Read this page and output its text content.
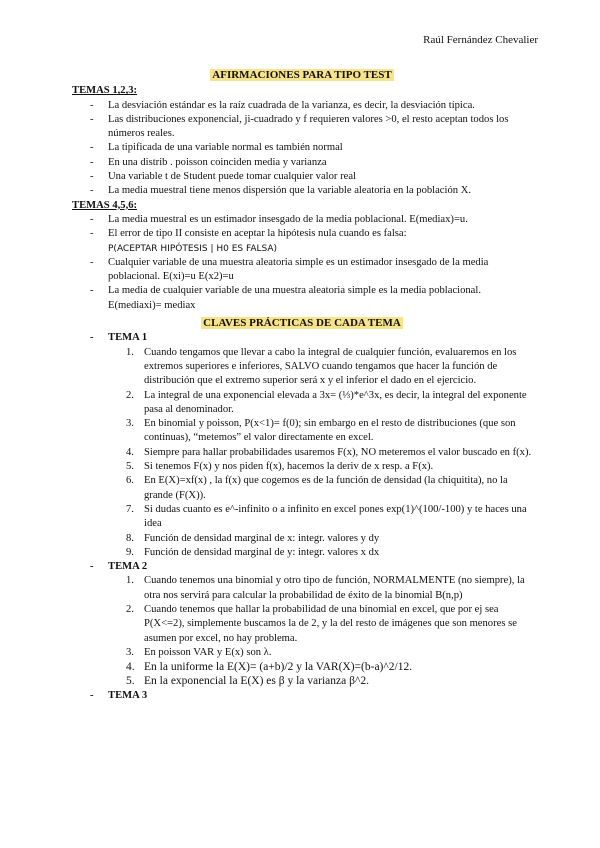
Raúl Fernández Chevalier

AFIRMACIONES PARA TIPO TEST

TEMAS 1,2,3:

- La desviación estándar es la raíz cuadrada de la varianza, es decir, la desviación típica.
- Las distribuciones exponencial, ji-cuadrado y f requieren valores >0, el resto aceptan todos los números reales.
- La tipificada de una variable normal es también normal
- En una distrib . poisson coinciden media y varianza
- Una variable t de Student puede tomar cualquier valor real
- La media muestral tiene menos dispersión que la variable aleatoria en la población X.

TEMAS 4,5,6:

- La media muestral es un estimador insesgado de la media poblacional. E(mediax)=u.
- El error de tipo II consiste en aceptar la hipótesis nula cuando es falsa:
P(ACEPTAR HIPÓTESIS | H0 ES FALSA)
- Cualquier variable de una muestra aleatoria simple es un estimador insesgado de la media poblacional. E(xi)=u E(x2)=u
- La media de cualquier variable de una muestra aleatoria simple es la media poblacional. E(mediaxi)= mediax

CLAVES PRÁCTICAS DE CADA TEMA

- TEMA 1
1. Cuando tengamos que llevar a cabo la integral de cualquier función, evaluaremos en los extremos superiores e inferiores, SALVO cuando tengamos que hacer la función de distribución que el extremo superior será x y el inferior el dado en el ejercicio.
2. La integral de una exponencial elevada a 3x= (⅓)*e^3x, es decir, la integral del exponente pasa al denominador.
3. En binomial y poisson, P(x<1)= f(0); sin embargo en el resto de distribuciones (que son continuas), “metemos” el valor directamente en excel.
4. Siempre para hallar probabilidades usaremos F(x), NO meteremos el valor buscado en f(x).
5. Si tenemos F(x) y nos piden f(x), hacemos la deriv de x resp. a F(x).
6. En E(X)=xf(x) , la f(x) que cogemos es de la función de densidad (la chiquitita), no la grande (F(X)).
7. Si dudas cuanto es e^-infinito o a infinito en excel pones exp(1)^(100/-100) y te haces una idea
8. Función de densidad marginal de x: integr. valores y dy
9. Función de densidad marginal de y: integr. valores x dx
- TEMA 2
1. Cuando tenemos una binomial y otro tipo de función, NORMALMENTE (no siempre), la otra nos servirá para calcular la probabilidad de éxito de la binomial B(n,p)
2. Cuando tenemos que hallar la probabilidad de una binomial en excel, que por ej sea P(X<=2), simplemente buscamos la de 2, y la del resto de imágenes que son menores se asumen por excel, no hay problema.
3. En poisson VAR y E(x) son λ.
4. En la uniforme la E(X)= (a+b)/2 y la VAR(X)=(b-a)^2/12.
5. En la exponencial la E(X) es β y la varianza β^2.
- TEMA 3
